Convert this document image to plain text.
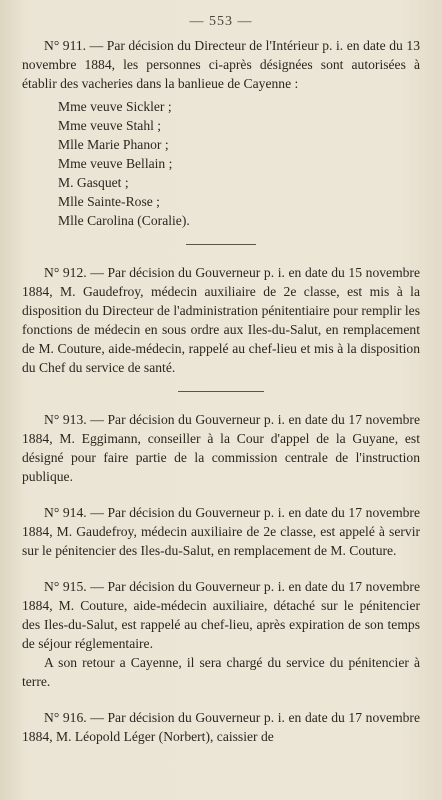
— 553 —

N° 911. — Par décision du Directeur de l'Intérieur p. i. en date du 13 novembre 1884, les personnes ci-après désignées sont autorisées à établir des vacheries dans la banlieue de Cayenne :

Mme veuve Sickler ;
Mme veuve Stahl ;
Mlle Marie Phanor ;
Mme veuve Bellain ;
M. Gasquet ;
Mlle Sainte-Rose ;
Mlle Carolina (Coralie).

N° 912. — Par décision du Gouverneur p. i. en date du 15 novembre 1884, M. Gaudefroy, médecin auxiliaire de 2e classe, est mis à la disposition du Directeur de l'administration pénitentiaire pour remplir les fonctions de médecin en sous ordre aux Iles-du-Salut, en remplacement de M. Couture, aide-médecin, rappelé au chef-lieu et mis à la disposition du Chef du service de santé.

N° 913. — Par décision du Gouverneur p. i. en date du 17 novembre 1884, M. Eggimann, conseiller à la Cour d'appel de la Guyane, est désigné pour faire partie de la commission centrale de l'instruction publique.

N° 914. — Par décision du Gouverneur p. i. en date du 17 novembre 1884, M. Gaudefroy, médecin auxiliaire de 2e classe, est appelé à servir sur le pénitencier des Iles-du-Salut, en remplacement de M. Couture.

N° 915. — Par décision du Gouverneur p. i. en date du 17 novembre 1884, M. Couture, aide-médecin auxiliaire, détaché sur le pénitencier des Iles-du-Salut, est rappelé au chef-lieu, après expiration de son temps de séjour réglementaire.

A son retour a Cayenne, il sera chargé du service du pénitencier à terre.

N° 916. — Par décision du Gouverneur p. i. en date du 17 novembre 1884, M. Léopold Léger (Norbert), caissier de
